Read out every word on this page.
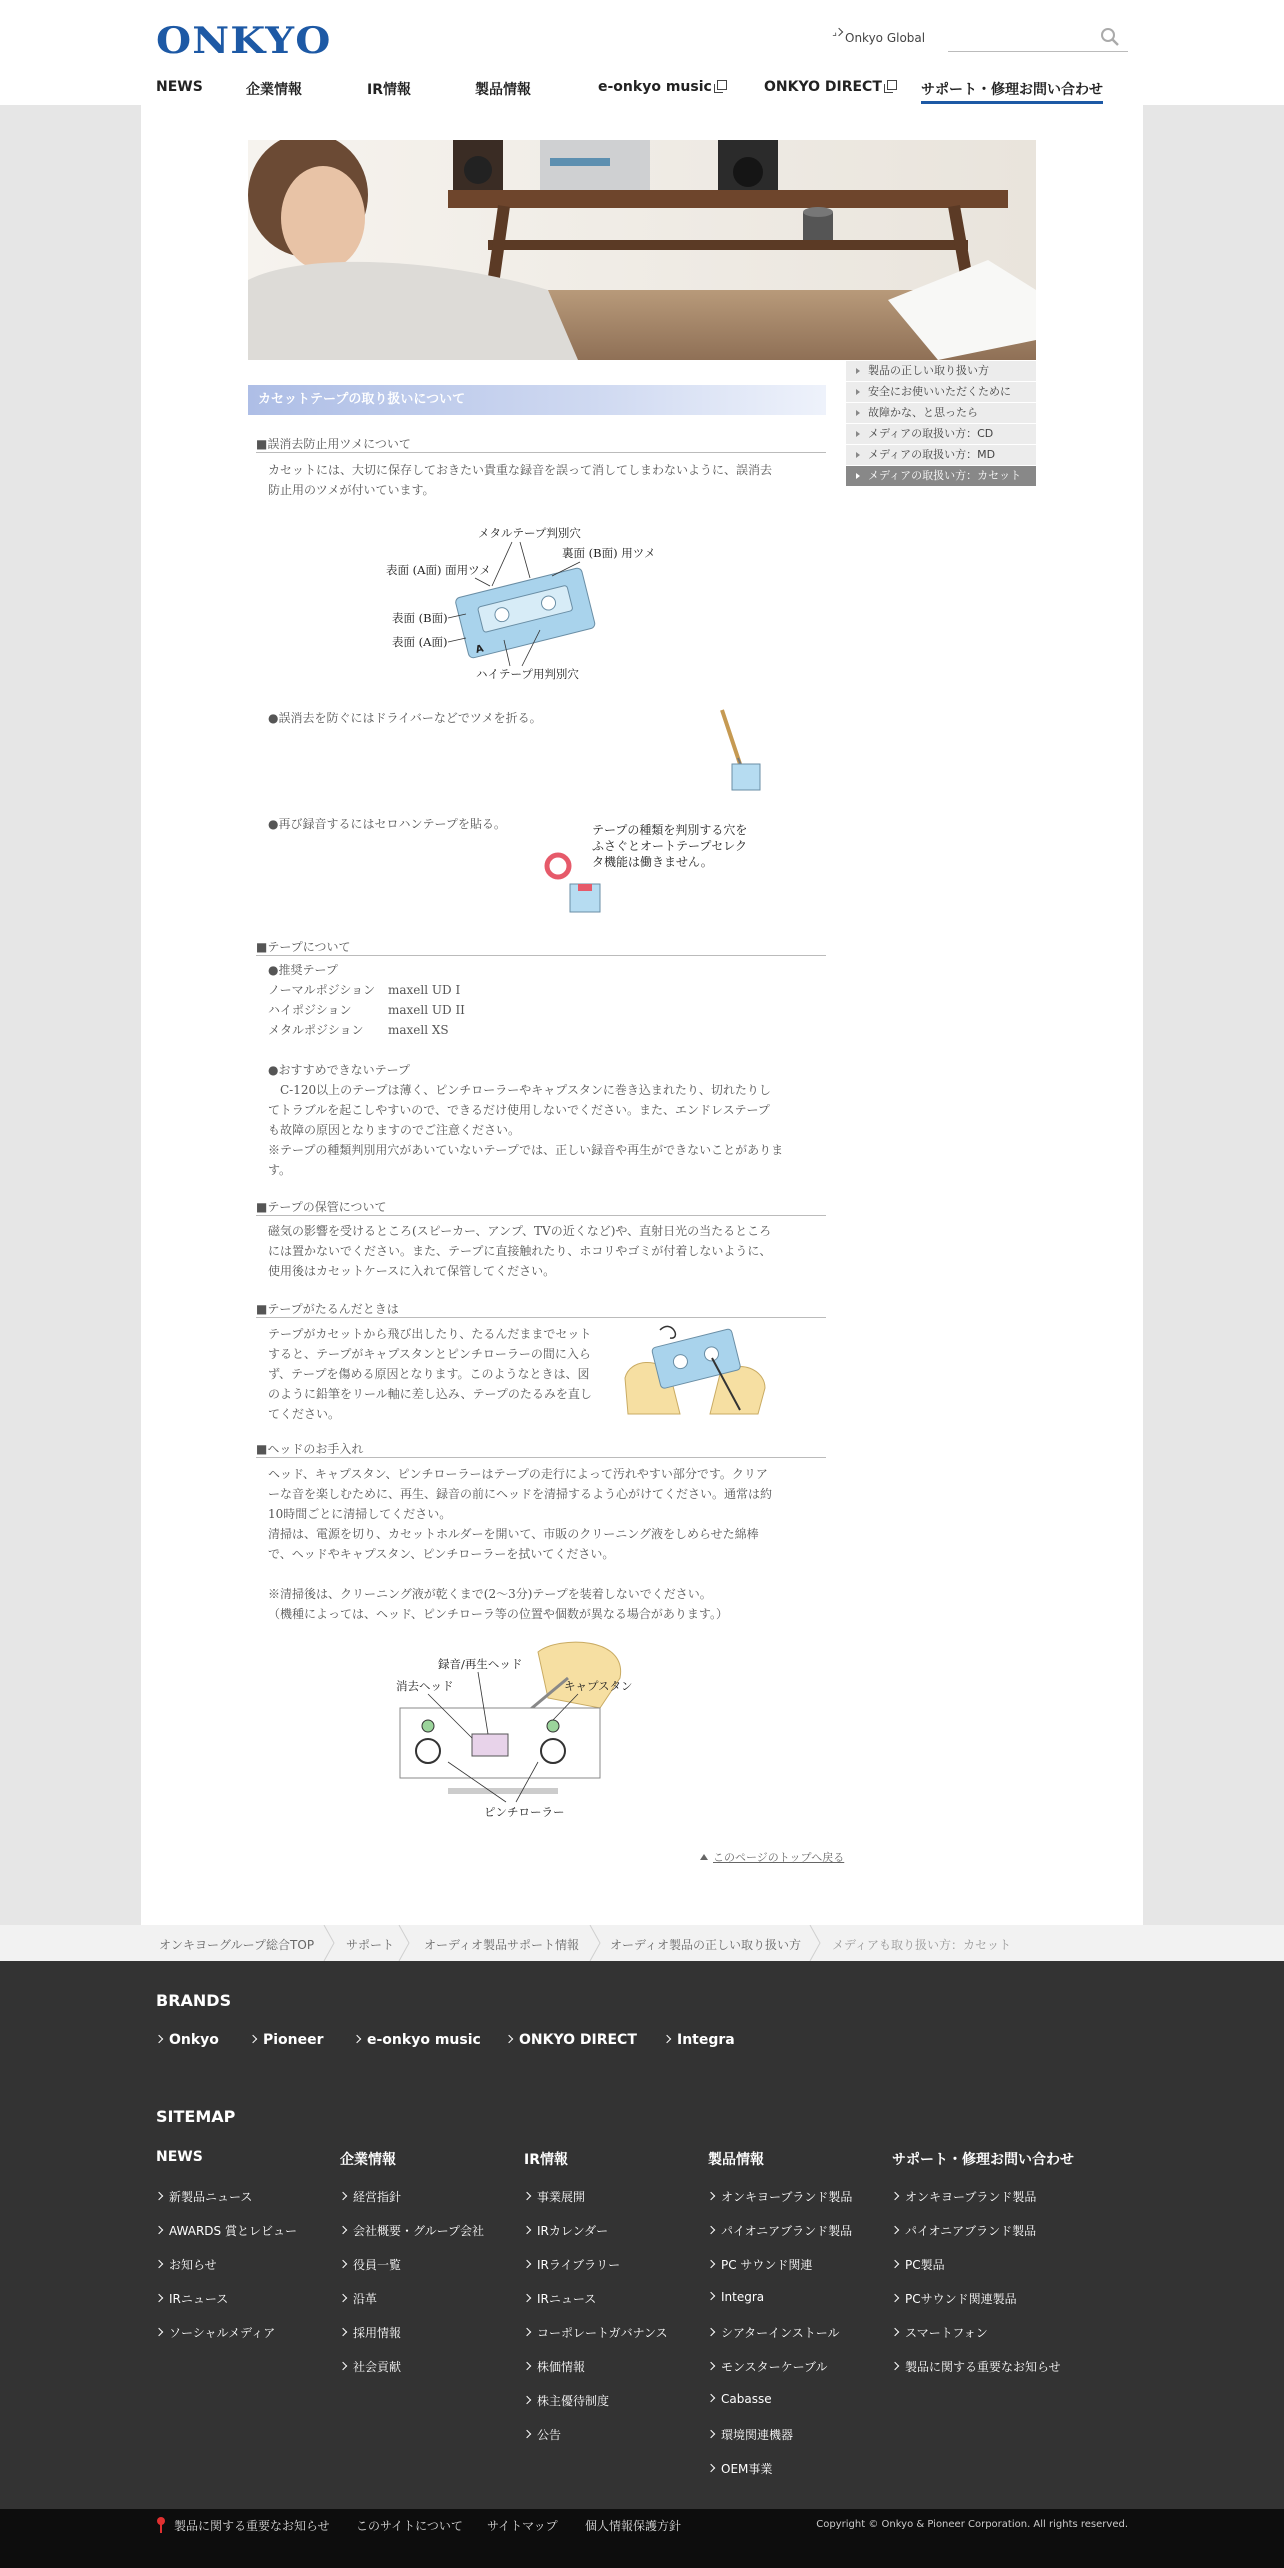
ONKYO	› Onkyo Global
NEWS	企業情報	IR情報	製品情報	e-onkyo music	ONKYO DIRECT	サポート・修理お問い合わせ
製品の正しい取り扱い方
安全にお使いいただくために
故障かな、と思ったら
メディアの取扱い方：CD
メディアの取扱い方：MD
メディアの取扱い方：カセット
カセットテープの取り扱いについて
■誤消去防止用ツメについて

カセットには、大切に保存しておきたい貴重な録音を誤って消してしまわないように、誤消去

防止用のツメが付いています。

メタルテープ判別穴
表面 (A面) 面用ツメ
裏面 (B面) 用ツメ
表面 (B面)
表面 (A面)
ハイテープ用判別穴
A
●誤消去を防ぐにはドライバーなどでツメを折る。
●再び録音するにはセロハンテープを貼る。	テープの種類を判別する穴を

ふさぐとオートテープセレク

タ機能は働きません。

■テープについて

●推奨テープ

ノーマルポジション maxell UD I

ハイポジション	maxell UD II

メタルポジション maxell XS

●おすすめできないテープ

　C-120以上のテープは薄く、ピンチローラーやキャプスタンに巻き込まれたり、切れたりし

てトラブルを起こしやすいので、できるだけ使用しないでください。また、エンドレステープ

も故障の原因となりますのでご注意ください。

※テープの種類判別用穴があいていないテープでは、正しい録音や再生ができないことがありま

す。

■テープの保管について

磁気の影響を受けるところ(スピーカー、アンプ、TVの近くなど)や、直射日光の当たるところ

には置かないでください。また、テープに直接触れたり、ホコリやゴミが付着しないように、

使用後はカセットケースに入れて保管してください。

■テープがたるんだときは

テープがカセットから飛び出したり、たるんだままでセット

すると、テープがキャプスタンとピンチローラーの間に入ら

ず、テープを傷める原因となります。このようなときは、図

のように鉛筆をリール軸に差し込み、テープのたるみを直し

てください。

■ヘッドのお手入れ

ヘッド、キャプスタン、ピンチローラーはテープの走行によって汚れやすい部分です。クリア

ーな音を楽しむために、再生、録音の前にヘッドを清掃するよう心がけてください。通常は約

10時間ごとに清掃してください。

清掃は、電源を切り、カセットホルダーを開いて、市販のクリーニング液をしめらせた綿棒

で、ヘッドやキャプスタン、ピンチローラーを拭いてください。

※清掃後は、クリーニング液が乾くまで(2～3分)テープを装着しないでください。

（機種によっては、ヘッド、ピンチローラ等の位置や個数が異なる場合があります。）

録音/再生ヘッド
消去ヘッド	キャプスタン
ピンチローラー
このページのトップへ戻る
オンキヨーグループ総合TOP	サポート オーディオ製品サポート情報	オーディオ製品の正しい取り扱い方	メディアも取り扱い方：カセット
BRANDS
Onkyo	Pioneer	e-onkyo music	ONKYO DIRECT	Integra
SITEMAP
NEWS
新製品ニュース
AWARDS 賞とレビュー
お知らせ
IRニュース
ソーシャルメディア
企業情報
経営指針
会社概要・グループ会社
役員一覧
沿革
採用情報
社会貢献
IR情報
事業展開
IRカレンダー
IRライブラリー
IRニュース
コーポレートガバナンス
株価情報
株主優待制度
公告
製品情報
オンキヨーブランド製品
パイオニアブランド製品
PC サウンド関連
Integra
シアターインストール
モンスターケーブル
Cabasse
環境関連機器
OEM事業
サポート・修理お問い合わせ
オンキヨーブランド製品
パイオニアブランド製品
PC製品
PCサウンド関連製品
スマートフォン
製品に関する重要なお知らせ
製品に関する重要なお知らせ このサイトについて サイトマップ 個人情報保護方針	Copyright © Onkyo & Pioneer Corporation. All rights reserved.
